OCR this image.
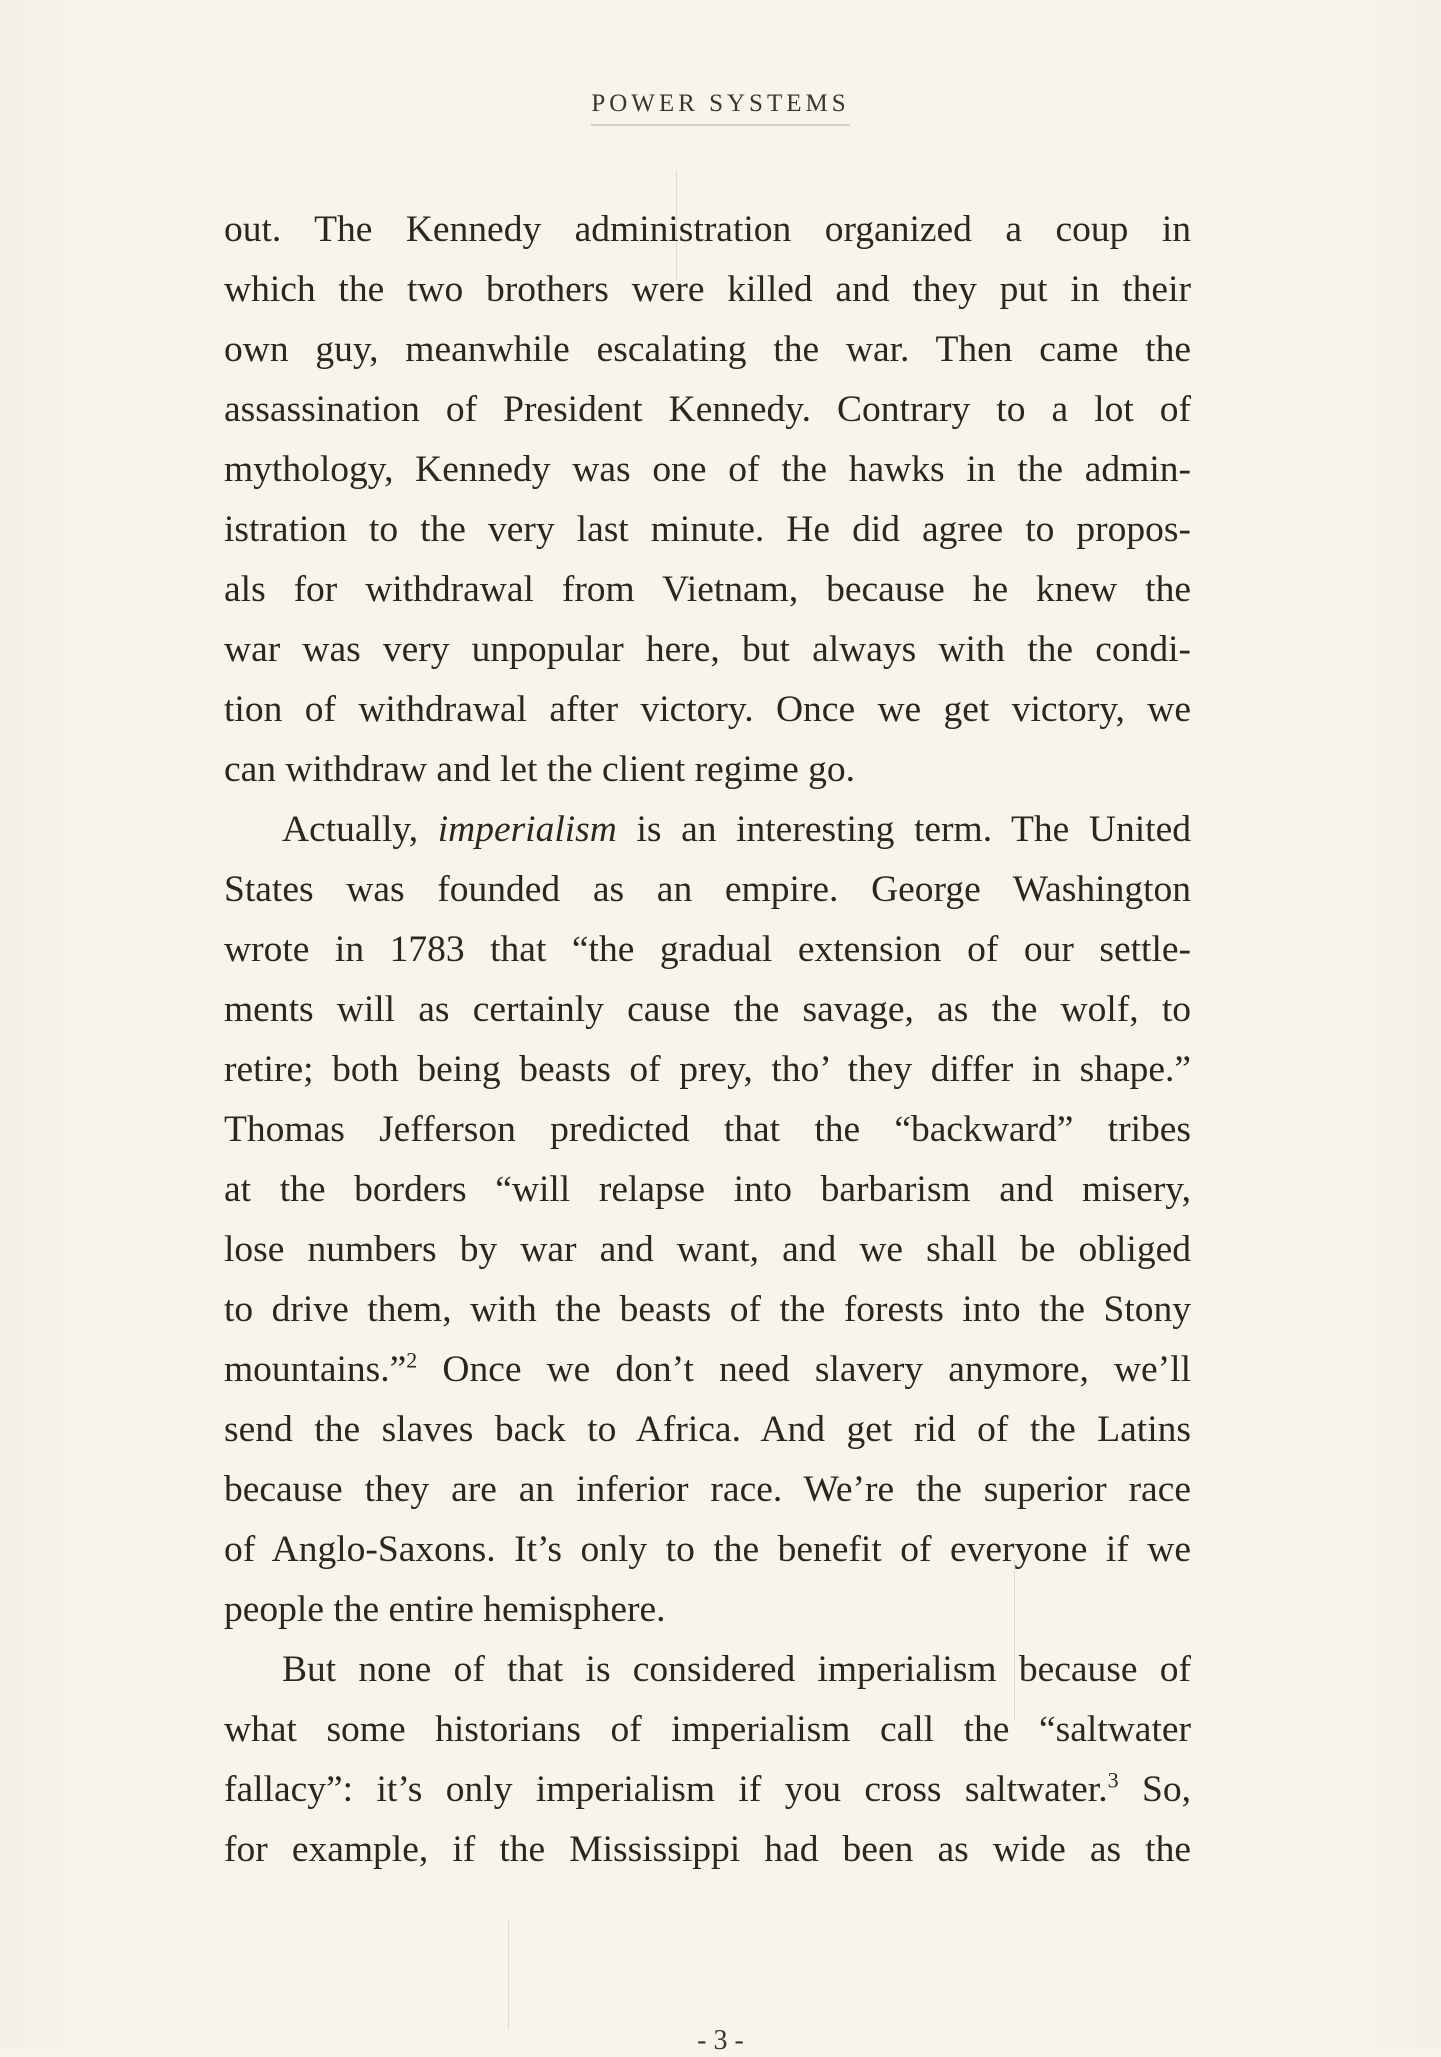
POWER SYSTEMS
out. The Kennedy administration organized a coup in
which the two brothers were killed and they put in their
own guy, meanwhile escalating the war. Then came the
assassination of President Kennedy. Contrary to a lot of
mythology, Kennedy was one of the hawks in the admin-
istration to the very last minute. He did agree to propos-
als for withdrawal from Vietnam, because he knew the
war was very unpopular here, but always with the condi-
tion of withdrawal after victory. Once we get victory, we
can withdraw and let the client regime go.
Actually, imperialism is an interesting term. The United
States was founded as an empire. George Washington
wrote in 1783 that “the gradual extension of our settle-
ments will as certainly cause the savage, as the wolf, to
retire; both being beasts of prey, tho’ they differ in shape.”
Thomas Jefferson predicted that the “backward” tribes
at the borders “will relapse into barbarism and misery,
lose numbers by war and want, and we shall be obliged
to drive them, with the beasts of the forests into the Stony
mountains.”$^2$ Once we don’t need slavery anymore, we’ll
send the slaves back to Africa. And get rid of the Latins
because they are an inferior race. We’re the superior race
of Anglo-Saxons. It’s only to the benefit of everyone if we
people the entire hemisphere.
But none of that is considered imperialism because of
what some historians of imperialism call the “saltwater
fallacy”: it’s only imperialism if you cross saltwater.$^3$ So,
for example, if the Mississippi had been as wide as the
- 3 -
